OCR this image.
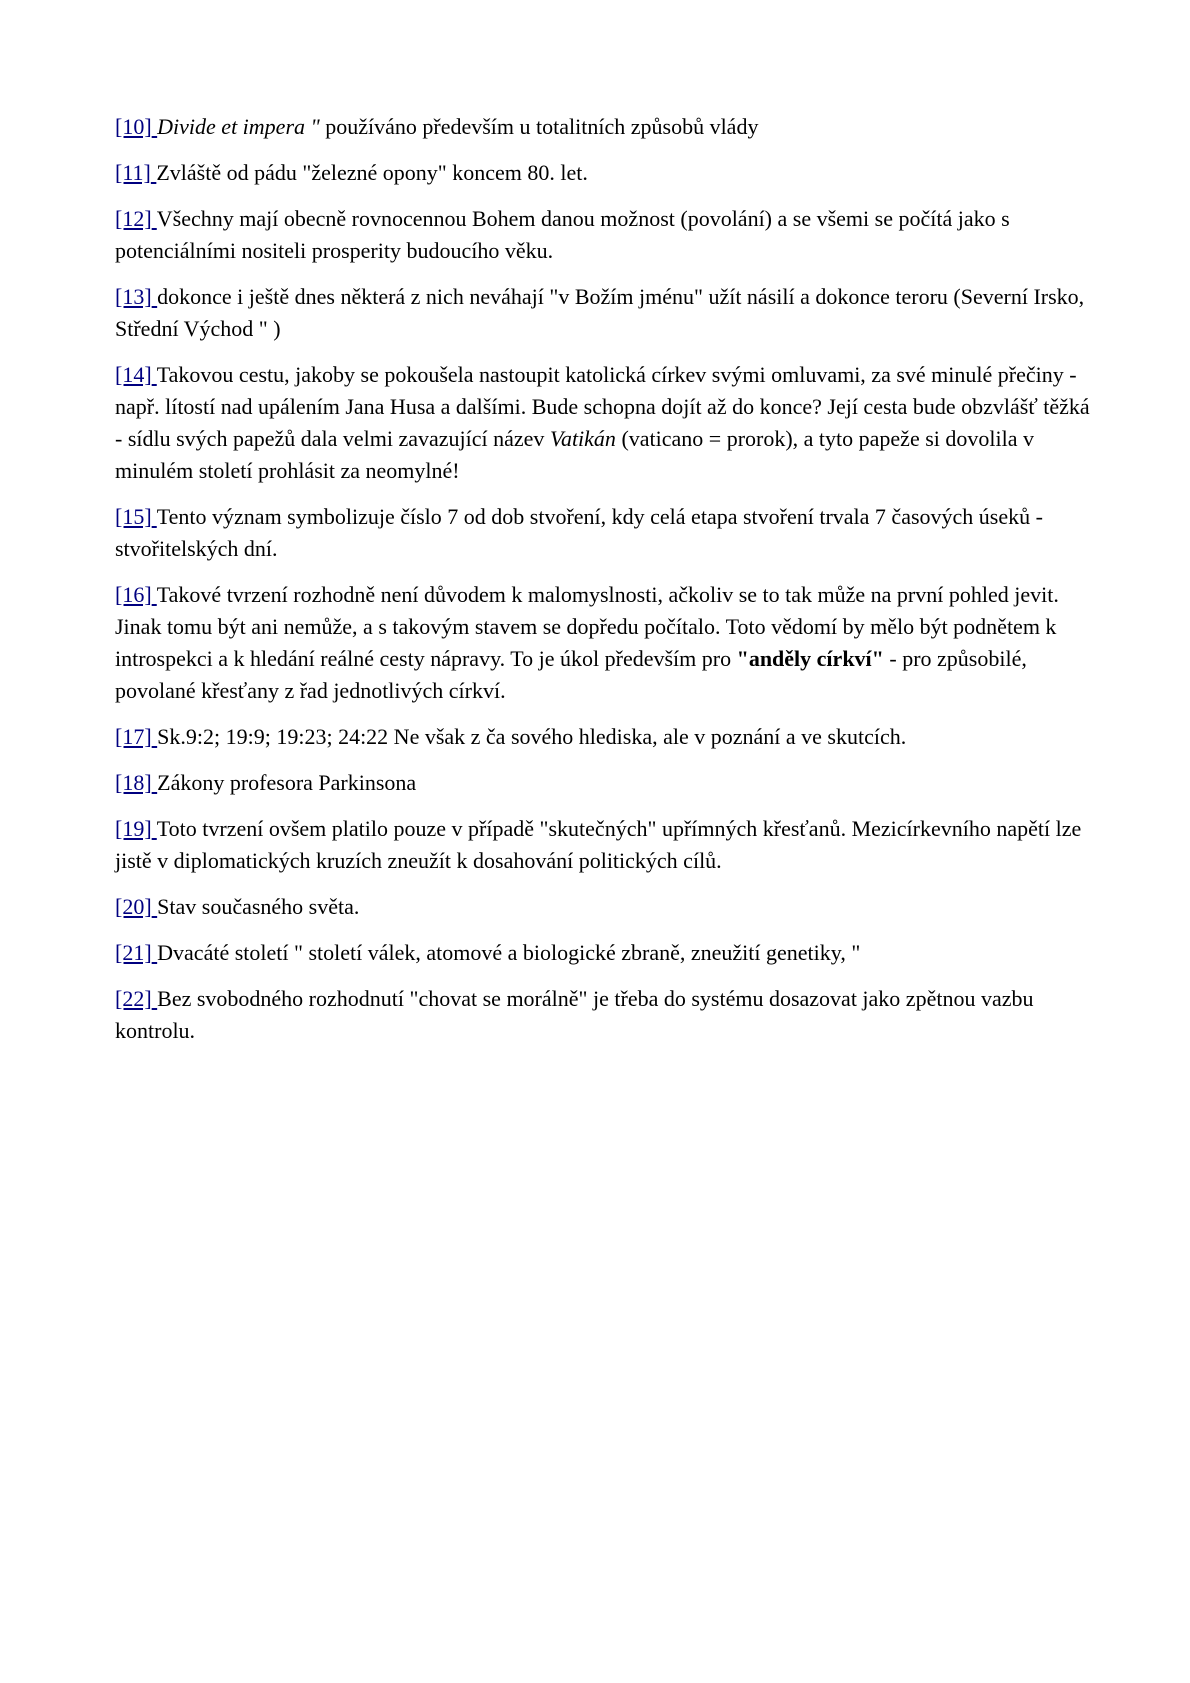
[10] Divide et impera " používáno především u totalitních způsobů vlády

[11] Zvláště od pádu "železné opony" koncem 80. let.

[12] Všechny mají obecně rovnocennou Bohem danou možnost (povolání) a se všemi se počítá jako s potenciálními nositeli prosperity budoucího věku.

[13] dokonce i ještě dnes některá z nich neváhají "v Božím jménu" užít násilí a dokonce teroru (Severní Irsko, Střední Východ " )

[14] Takovou cestu, jakoby se pokoušela nastoupit katolická církev svými omluvami, za své minulé přečiny - např. lítostí nad upálením Jana Husa a dalšími. Bude schopna dojít až do konce? Její cesta bude obzvlášť těžká - sídlu svých papežů dala velmi zavazující název Vatikán (vaticano = prorok), a tyto papeže si dovolila v minulém století prohlásit za neomylné!

[15] Tento význam symbolizuje číslo 7 od dob stvoření, kdy celá etapa stvoření trvala 7 časových úseků - stvořitelských dní.

[16] Takové tvrzení rozhodně není důvodem k malomyslnosti, ačkoliv se to tak může na první pohled jevit. Jinak tomu být ani nemůže, a s takovým stavem se dopředu počítalo. Toto vědomí by mělo být podnětem k introspekci a k hledání reálné cesty nápravy. To je úkol především pro "anděly církví" - pro způsobilé, povolané křesťany z řad jednotlivých církví.

[17] Sk.9:2; 19:9; 19:23; 24:22 Ne však z ča sového hlediska, ale v poznání a ve skutcích.

[18] Zákony profesora Parkinsona

[19] Toto tvrzení ovšem platilo pouze v případě "skutečných" upřímných křesťanů. Mezicírkevního napětí lze jistě v diplomatických kruzích zneužít k dosahování politických cílů.

[20] Stav současného světa.

[21] Dvacáté století " století válek, atomové a biologické zbraně, zneužití genetiky, "

[22] Bez svobodného rozhodnutí "chovat se morálně" je třeba do systému dosazovat jako zpětnou vazbu kontrolu.
